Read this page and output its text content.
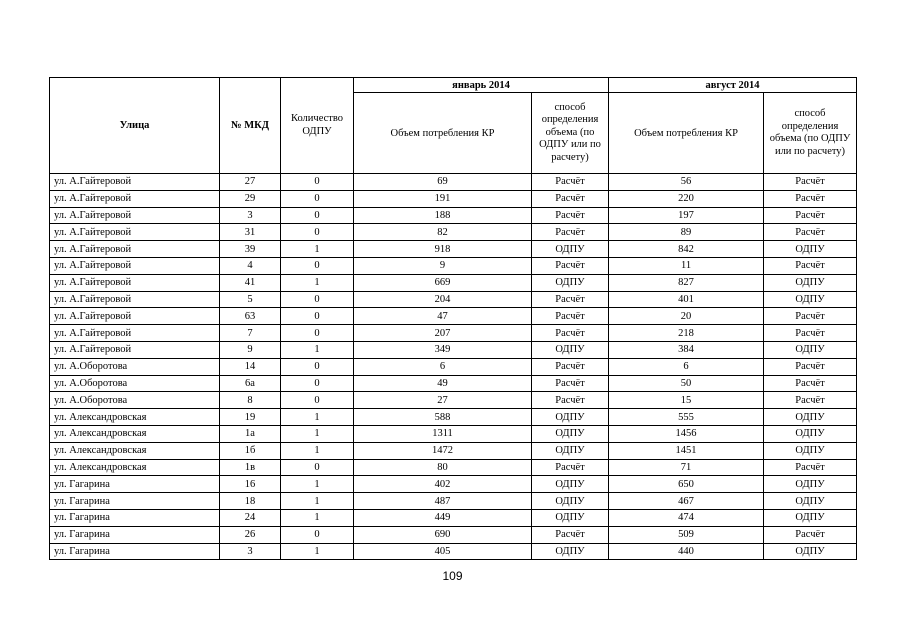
Улица	№ МКД	Количество ОДПУ	январь 2014		август 2014	
			Объем потребления КР	способ определения объема (по ОДПУ или по расчету)	Объем потребления КР	способ определения объема (по ОДПУ или по расчету)
ул. А.Гайтеровой	27	0	69	Расчёт	56	Расчёт
ул. А.Гайтеровой	29	0	191	Расчёт	220	Расчёт
ул. А.Гайтеровой	3	0	188	Расчёт	197	Расчёт
ул. А.Гайтеровой	31	0	82	Расчёт	89	Расчёт
ул. А.Гайтеровой	39	1	918	ОДПУ	842	ОДПУ
ул. А.Гайтеровой	4	0	9	Расчёт	11	Расчёт
ул. А.Гайтеровой	41	1	669	ОДПУ	827	ОДПУ
ул. А.Гайтеровой	5	0	204	Расчёт	401	ОДПУ
ул. А.Гайтеровой	63	0	47	Расчёт	20	Расчёт
ул. А.Гайтеровой	7	0	207	Расчёт	218	Расчёт
ул. А.Гайтеровой	9	1	349	ОДПУ	384	ОДПУ
ул. А.Оборотова	14	0	6	Расчёт	6	Расчёт
ул. А.Оборотова	6а	0	49	Расчёт	50	Расчёт
ул. А.Оборотова	8	0	27	Расчёт	15	Расчёт
ул. Александровская	19	1	588	ОДПУ	555	ОДПУ
ул. Александровская	1а	1	1311	ОДПУ	1456	ОДПУ
ул. Александровская	1б	1	1472	ОДПУ	1451	ОДПУ
ул. Александровская	1в	0	80	Расчёт	71	Расчёт
ул. Гагарина	16	1	402	ОДПУ	650	ОДПУ
ул. Гагарина	18	1	487	ОДПУ	467	ОДПУ
ул. Гагарина	24	1	449	ОДПУ	474	ОДПУ
ул. Гагарина	26	0	690	Расчёт	509	Расчёт
ул. Гагарина	3	1	405	ОДПУ	440	ОДПУ
109
